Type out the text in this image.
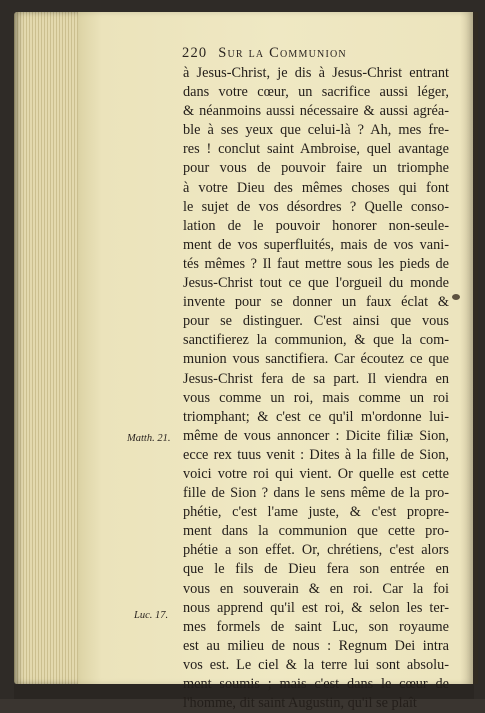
220 Sur la Communion
Matth. 21.
Luc. 17.
à Jesus-Christ, je dis à Jesus-Christ entrant
dans votre cœur, un sacrifice aussi léger,
& néanmoins aussi nécessaire & aussi agréa-
ble à ses yeux que celui-là ? Ah, mes fre-
res ! conclut saint Ambroise, quel avantage
pour vous de pouvoir faire un triomphe
à votre Dieu des mêmes choses qui font
le sujet de vos désordres ? Quelle conso-
lation de le pouvoir honorer non-seule-
ment de vos superfluités, mais de vos vani-
tés mêmes ? Il faut mettre sous les pieds de
Jesus-Christ tout ce que l'orgueil du monde
invente pour se donner un faux éclat &
pour se distinguer. C'est ainsi que vous
sanctifierez la communion, & que la com-
munion vous sanctifiera. Car écoutez ce que
Jesus-Christ fera de sa part. Il viendra en
vous comme un roi, mais comme un roi
triomphant; & c'est ce qu'il m'ordonne lui-
même de vous annoncer : Dicite filiæ Sion,
ecce rex tuus venit : Dites à la fille de Sion,
voici votre roi qui vient. Or quelle est cette
fille de Sion ? dans le sens même de la pro-
phétie, c'est l'ame juste, & c'est propre-
ment dans la communion que cette pro-
phétie a son effet. Or, chrétiens, c'est alors
que le fils de Dieu fera son entrée en
vous en souverain & en roi. Car la foi
nous apprend qu'il est roi, & selon les ter-
mes formels de saint Luc, son royaume
est au milieu de nous : Regnum Dei intra
vos est. Le ciel & la terre lui sont absolu-
ment soumis ; mais c'est dans le cœur de
l'homme, dit saint Augustin, qu'il se plaît
